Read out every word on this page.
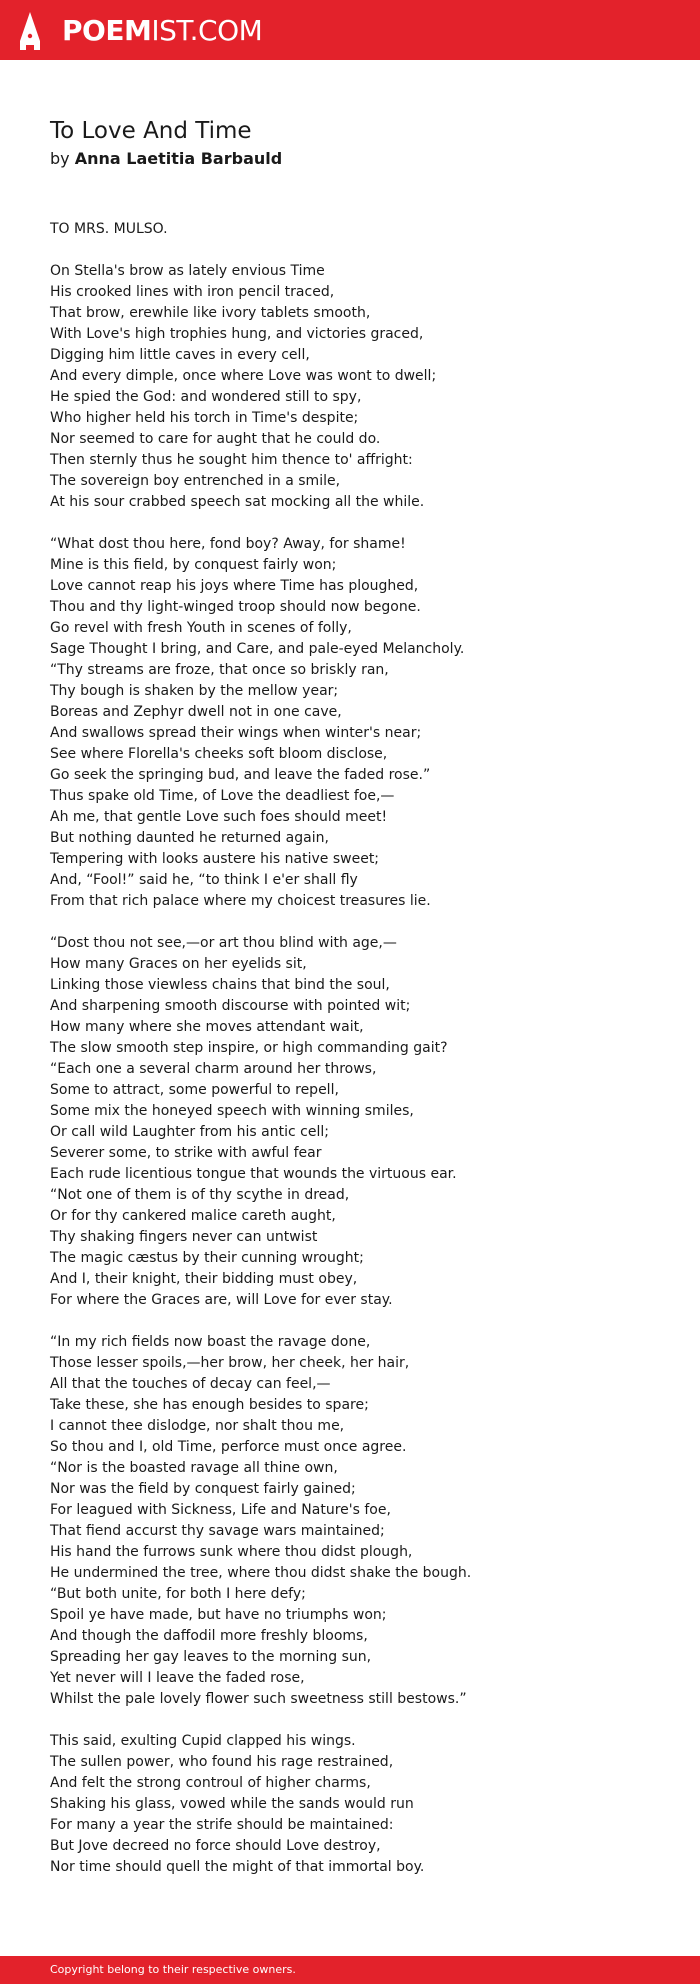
POEMIST.COM
To Love And Time
by Anna Laetitia Barbauld
TO MRS. MULSO.
On Stella's brow as lately envious Time
His crooked lines with iron pencil traced,
That brow, erewhile like ivory tablets smooth,
With Love's high trophies hung, and victories graced,
Digging him little caves in every cell,
And every dimple, once where Love was wont to dwell;
He spied the God: and wondered still to spy,
Who higher held his torch in Time's despite;
Nor seemed to care for aught that he could do.
Then sternly thus he sought him thence to' affright:
The sovereign boy entrenched in a smile,
At his sour crabbed speech sat mocking all the while.
“What dost thou here, fond boy? Away, for shame!
Mine is this field, by conquest fairly won;
Love cannot reap his joys where Time has ploughed,
Thou and thy light-winged troop should now begone.
Go revel with fresh Youth in scenes of folly,
Sage Thought I bring, and Care, and pale-eyed Melancholy.
“Thy streams are froze, that once so briskly ran,
Thy bough is shaken by the mellow year;
Boreas and Zephyr dwell not in one cave,
And swallows spread their wings when winter's near;
See where Florella's cheeks soft bloom disclose,
Go seek the springing bud, and leave the faded rose.”
Thus spake old Time, of Love the deadliest foe,—
Ah me, that gentle Love such foes should meet!
But nothing daunted he returned again,
Tempering with looks austere his native sweet;
And, “Fool!” said he, “to think I e'er shall fly
From that rich palace where my choicest treasures lie.
“Dost thou not see,—or art thou blind with age,—
How many Graces on her eyelids sit,
Linking those viewless chains that bind the soul,
And sharpening smooth discourse with pointed wit;
How many where she moves attendant wait,
The slow smooth step inspire, or high commanding gait?
“Each one a several charm around her throws,
Some to attract, some powerful to repell,
Some mix the honeyed speech with winning smiles,
Or call wild Laughter from his antic cell;
Severer some, to strike with awful fear
Each rude licentious tongue that wounds the virtuous ear.
“Not one of them is of thy scythe in dread,
Or for thy cankered malice careth aught,
Thy shaking fingers never can untwist
The magic cæstus by their cunning wrought;
And I, their knight, their bidding must obey,
For where the Graces are, will Love for ever stay.
“In my rich fields now boast the ravage done,
Those lesser spoils,—her brow, her cheek, her hair,
All that the touches of decay can feel,—
Take these, she has enough besides to spare;
I cannot thee dislodge, nor shalt thou me,
So thou and I, old Time, perforce must once agree.
“Nor is the boasted ravage all thine own,
Nor was the field by conquest fairly gained;
For leagued with Sickness, Life and Nature's foe,
That fiend accurst thy savage wars maintained;
His hand the furrows sunk where thou didst plough,
He undermined the tree, where thou didst shake the bough.
“But both unite, for both I here defy;
Spoil ye have made, but have no triumphs won;
And though the daffodil more freshly blooms,
Spreading her gay leaves to the morning sun,
Yet never will I leave the faded rose,
Whilst the pale lovely flower such sweetness still bestows.”
This said, exulting Cupid clapped his wings.
The sullen power, who found his rage restrained,
And felt the strong controul of higher charms,
Shaking his glass, vowed while the sands would run
For many a year the strife should be maintained:
But Jove decreed no force should Love destroy,
Nor time should quell the might of that immortal boy.
Copyright belong to their respective owners.
